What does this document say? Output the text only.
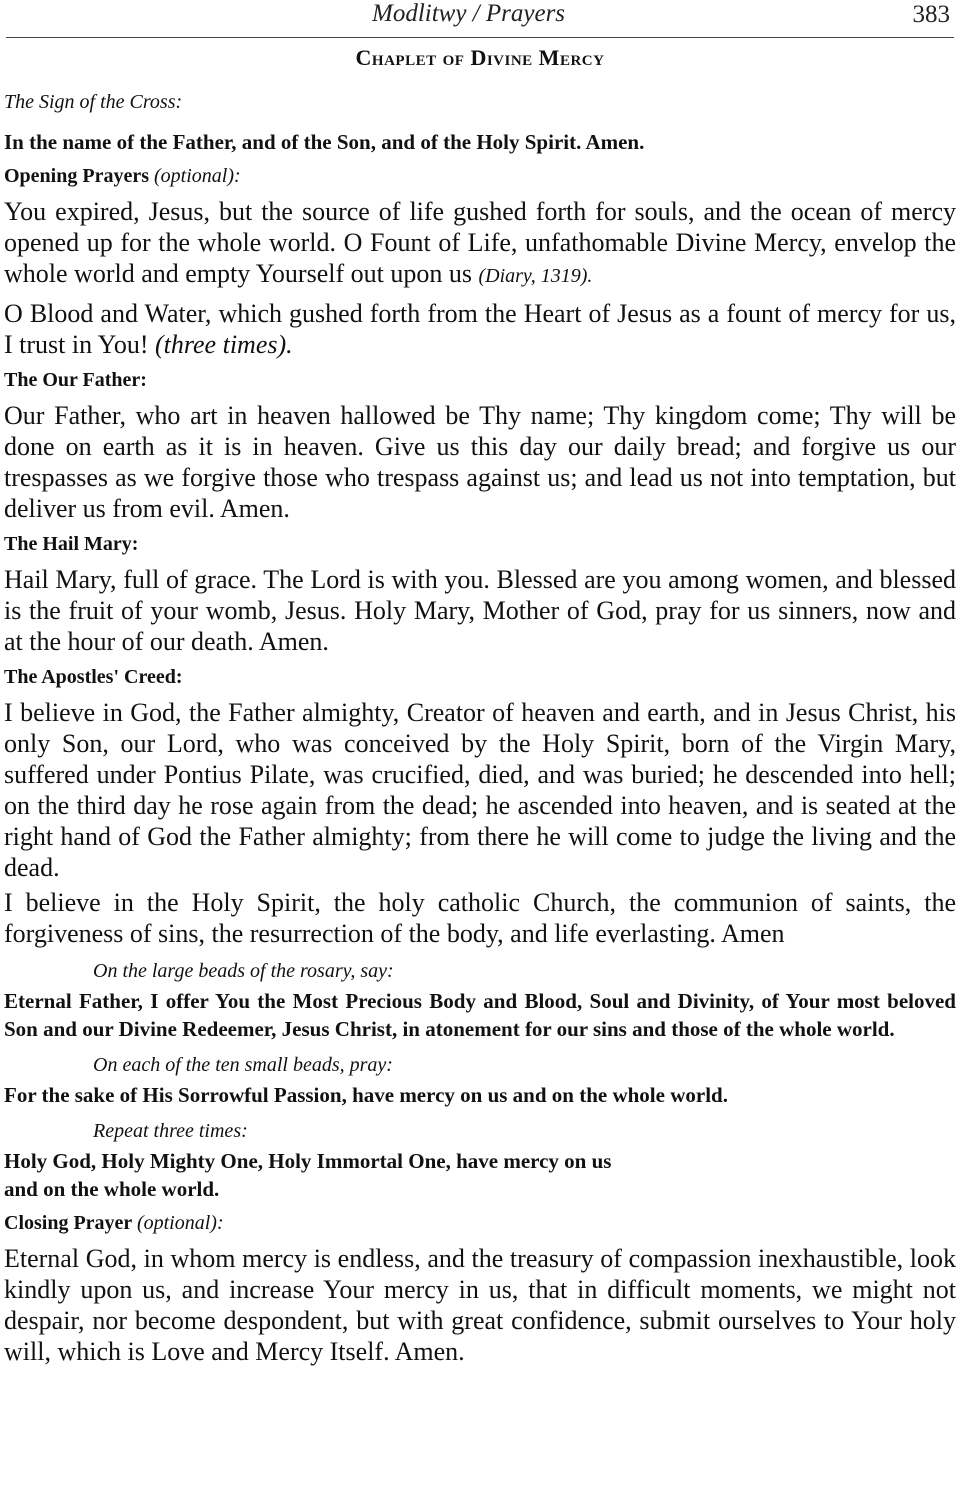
Modlitwy / Prayers	383
Chaplet of Divine Mercy
The Sign of the Cross:
In the name of the Father, and of the Son, and of the Holy Spirit. Amen.
Opening Prayers (optional):
You expired, Jesus, but the source of life gushed forth for souls, and the ocean of mercy opened up for the whole world. O Fount of Life, unfathomable Divine Mercy, envelop the whole world and empty Yourself out upon us (Diary, 1319).
O Blood and Water, which gushed forth from the Heart of Jesus as a fount of mercy for us, I trust in You! (three times).
The Our Father:
Our Father, who art in heaven hallowed be Thy name; Thy kingdom come; Thy will be done on earth as it is in heaven. Give us this day our daily bread; and forgive us our trespasses as we forgive those who trespass against us; and lead us not into temptation, but deliver us from evil. Amen.
The Hail Mary:
Hail Mary, full of grace. The Lord is with you. Blessed are you among women, and blessed is the fruit of your womb, Jesus. Holy Mary, Mother of God, pray for us sinners, now and at the hour of our death. Amen.
The Apostles' Creed:
I believe in God, the Father almighty, Creator of heaven and earth, and in Jesus Christ, his only Son, our Lord, who was conceived by the Holy Spirit, born of the Virgin Mary, suffered under Pontius Pilate, was crucified, died, and was buried; he descended into hell; on the third day he rose again from the dead; he ascended into heaven, and is seated at the right hand of God the Father almighty; from there he will come to judge the living and the dead.
I believe in the Holy Spirit, the holy catholic Church, the communion of saints, the forgiveness of sins, the resurrection of the body, and life everlasting. Amen
On the large beads of the rosary, say:
Eternal Father, I offer You the Most Precious Body and Blood, Soul and Divinity, of Your most beloved Son and our Divine Redeemer, Jesus Christ, in atonement for our sins and those of the whole world.
On each of the ten small beads, pray:
For the sake of His Sorrowful Passion, have mercy on us and on the whole world.
Repeat three times:
Holy God, Holy Mighty One, Holy Immortal One, have mercy on us
and on the whole world.
Closing Prayer (optional):
Eternal God, in whom mercy is endless, and the treasury of compassion inexhaustible, look kindly upon us, and increase Your mercy in us, that in difficult moments, we might not despair, nor become despondent, but with great confidence, submit ourselves to Your holy will, which is Love and Mercy Itself. Amen.
